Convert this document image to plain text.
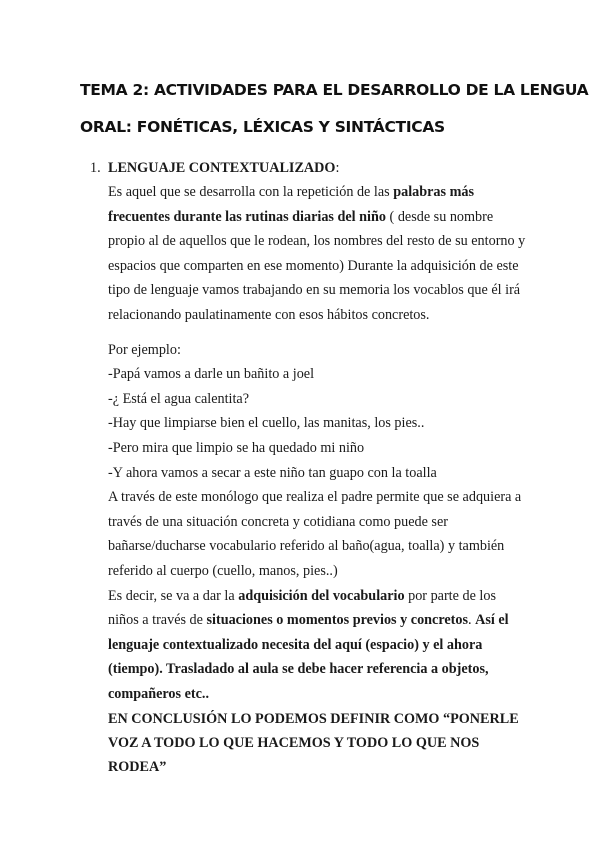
TEMA 2: ACTIVIDADES PARA EL DESARROLLO DE LA LENGUA
ORAL: FONÉTICAS, LÉXICAS Y SINTÁCTICAS
1. LENGUAJE CONTEXTUALIZADO:

Es aquel que se desarrolla con la repetición de las palabras más
frecuentes durante las rutinas diarias del niño ( desde su nombre
propio al de aquellos que le rodean, los nombres del resto de su entorno y
espacios que comparten en ese momento) Durante la adquisición de este
tipo de lenguaje vamos trabajando en su memoria los vocablos que él irá
relacionando paulatinamente con esos hábitos concretos.

Por ejemplo:
-Papá vamos a darle un bañito a joel
-¿ Está el agua calentita?
-Hay que limpiarse bien el cuello, las manitas, los pies..
-Pero mira que limpio se ha quedado mi niño
-Y ahora vamos a secar a este niño tan guapo con la toalla
A través de este monólogo que realiza el padre permite que se adquiera a
través de una situación concreta y cotidiana como puede ser
bañarse/ducharse vocabulario referido al baño(agua, toalla) y también
referido al cuerpo (cuello, manos, pies..)
Es decir, se va a dar la adquisición del vocabulario por parte de los
niños a través de situaciones o momentos previos y concretos. Así el
lenguaje contextualizado necesita del aquí (espacio) y el ahora
(tiempo). Trasladado al aula se debe hacer referencia a objetos,
compañeros etc..

EN CONCLUSIÓN LO PODEMOS DEFINIR COMO “PONERLE
VOZ A TODO LO QUE HACEMOS Y TODO LO QUE NOS
RODEA”
